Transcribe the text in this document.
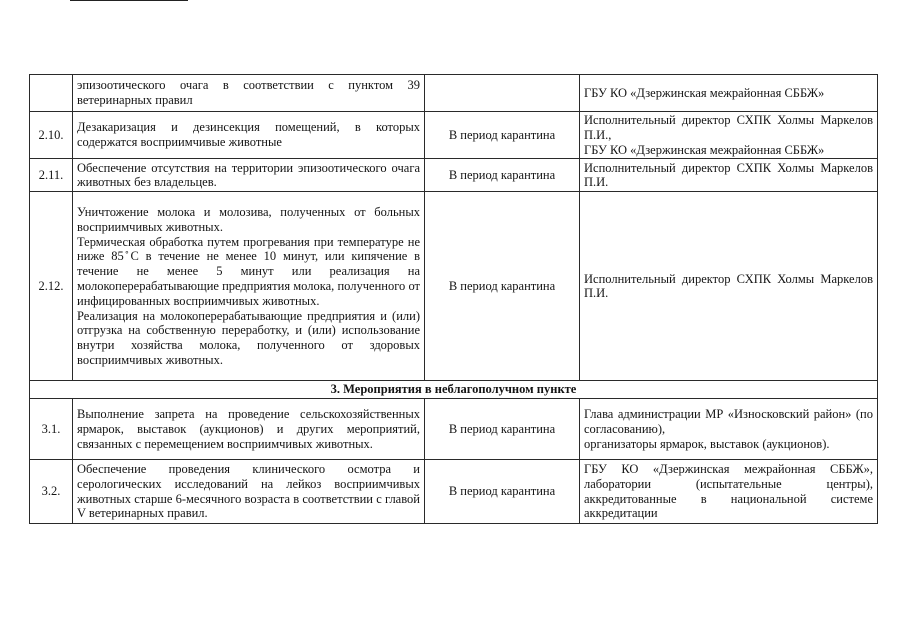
	эпизоотического очага в соответствии с пунктом 39 ветеринарных правил		ГБУ КО «Дзержинская межрайонная СББЖ»

2.10.	Дезакаризация и дезинсекция помещений, в которых содержатся восприимчивые животные	В период карантина	Исполнительный директор СХПК Холмы Маркелов П.И.,

ГБУ КО «Дзержинская межрайонная СББЖ»

2.11.	Обеспечение отсутствия на территории эпизоотического очага животных без владельцев.	В период карантина	Исполнительный директор СХПК Холмы Маркелов П.И.

2.12.	Уничтожение молока и молозива, полученных от больных восприимчивых животных.

Термическая обработка путем прогревания при температуре не ниже 85 ̊С в течение не менее 10 минут, или кипячение в течение не менее 5 минут или реализация на молокоперерабатывающие предприятия молока, полученного от инфицированных восприимчивых животных.

Реализация на молокоперерабатывающие предприятия и (или) отгрузка на собственную переработку, и (или) использование внутри хозяйства молока, полученного от здоровых восприимчивых животных.	В период карантина	Исполнительный директор СХПК Холмы Маркелов П.И.

3. Мероприятия в неблагополучном пункте			
3.1.	Выполнение запрета на проведение сельскохозяйственных ярмарок, выставок (аукционов) и других мероприятий, связанных с перемещением восприимчивых животных.	В период карантина	Глава администрации МР «Износковский район» (по согласованию),

организаторы ярмарок, выставок (аукционов).

3.2.	Обеспечение проведения клинического осмотра и серологических исследований на лейкоз восприимчивых животных старше 6-месячного возраста в соответствии с главой V ветеринарных правил.	В период карантина	ГБУ КО «Дзержинская межрайонная СББЖ», лаборатории (испытательные центры), аккредитованные в национальной системе аккредитации
